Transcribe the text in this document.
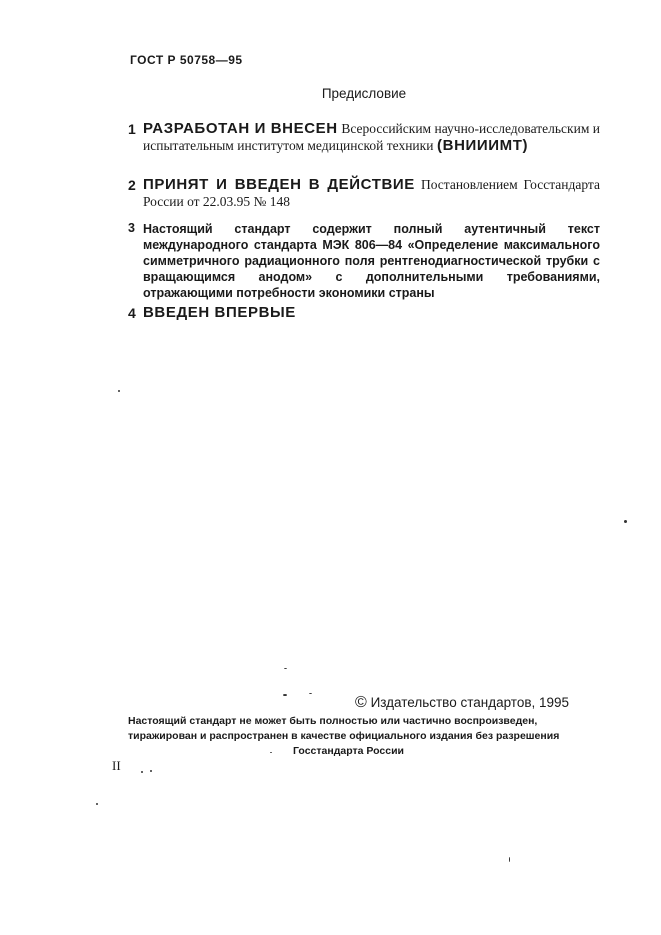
ГОСТ Р 50758—95
Предисловие
1 РАЗРАБОТАН И ВНЕСЕН Всероссийским научно-исследовательским и испытательным институтом медицинской техники (ВНИИИМТ)
2 ПРИНЯТ И ВВЕДЕН В ДЕЙСТВИЕ Постановлением Госстандарта России от 22.03.95 № 148
3 Настоящий стандарт содержит полный аутентичный текст международного стандарта МЭК 806—84 «Определение максимального симметричного радиационного поля рентгенодиагностической трубки с вращающимся анодом» с дополнительными требованиями, отражающими потребности экономики страны
4 ВВЕДЕН ВПЕРВЫЕ
© Издательство стандартов, 1995
Настоящий стандарт не может быть полностью или частично воспроизведен,
тиражирован и распространен в качестве официального издания без разрешения
Госстандарта России
II
